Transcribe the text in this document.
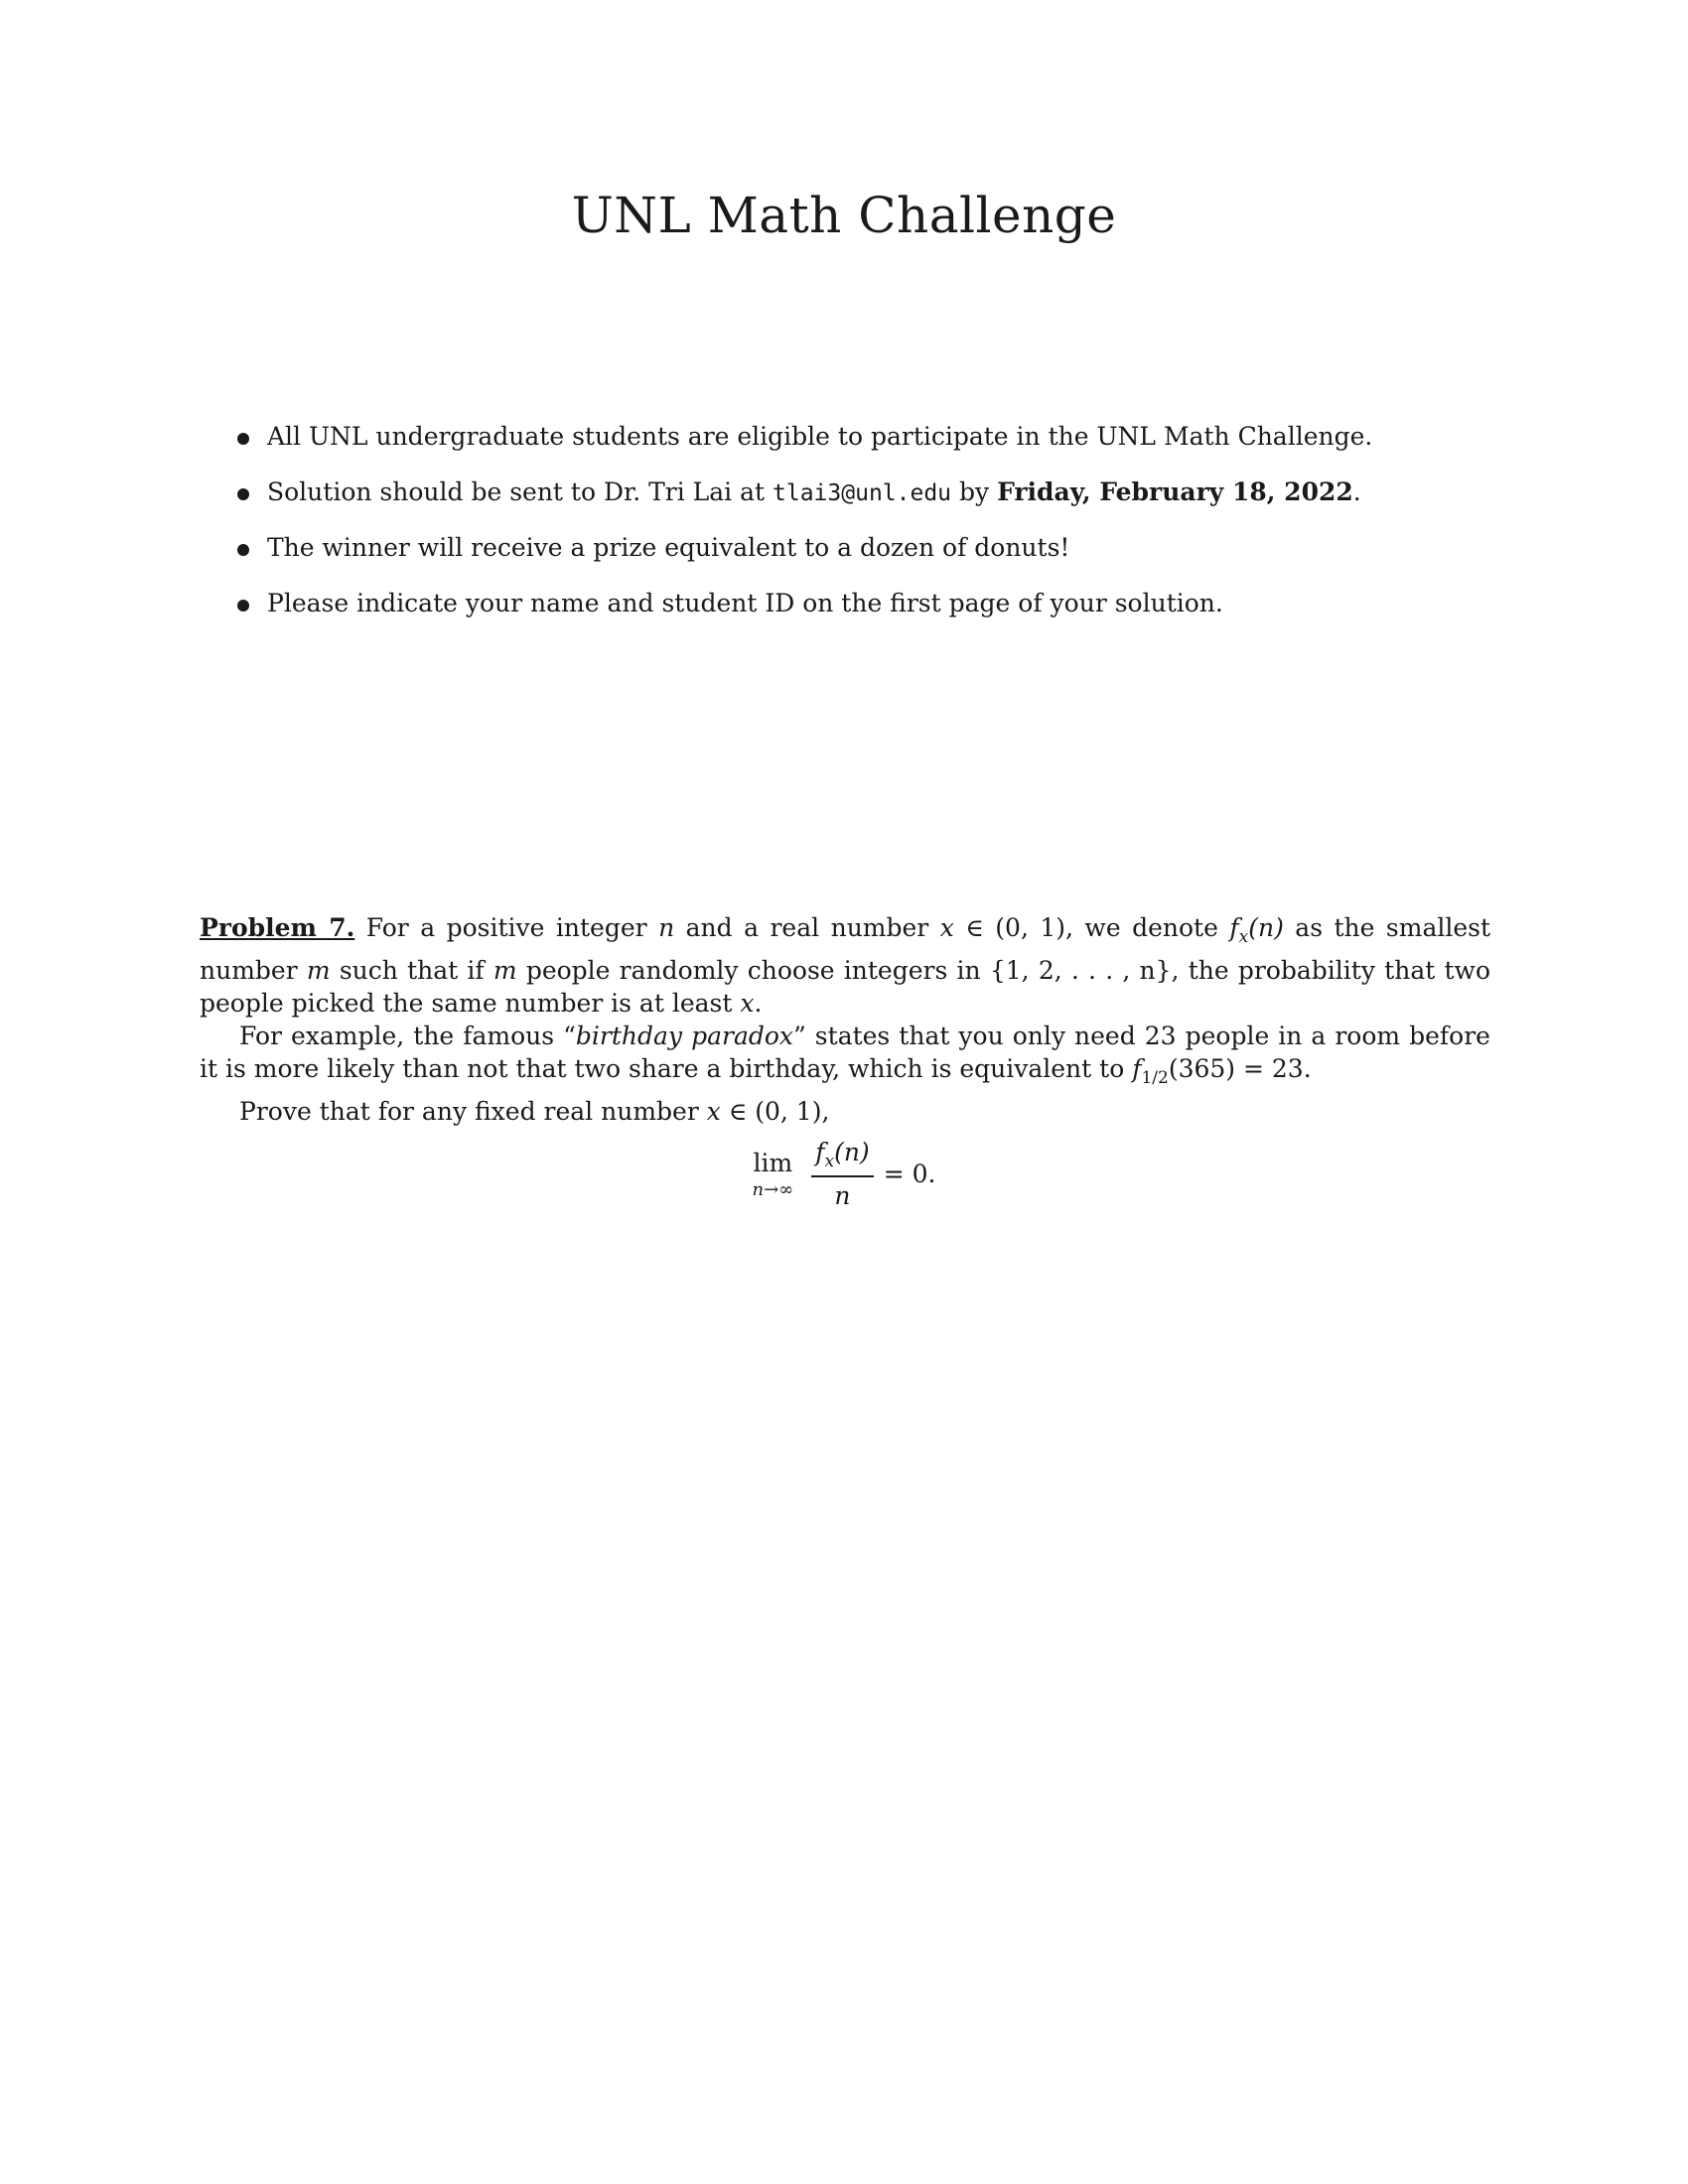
UNL Math Challenge
All UNL undergraduate students are eligible to participate in the UNL Math Challenge.
Solution should be sent to Dr. Tri Lai at tlai3@unl.edu by Friday, February 18, 2022.
The winner will receive a prize equivalent to a dozen of donuts!
Please indicate your name and student ID on the first page of your solution.

Problem 7. For a positive integer n and a real number x ∈ (0, 1), we denote $f_x(n)$ as the smallest number m such that if m people randomly choose integers in {1, 2, . . . , n}, the probability that two people picked the same number is at least x.

For example, the famous “birthday paradox” states that you only need 23 people in a room before it is more likely than not that two share a birthday, which is equivalent to $f_{1/2}(365) = 23$.

Prove that for any fixed real number x ∈ (0, 1),

lim
$n\to\infty \frac{f_x(n)}{n} = 0$.
